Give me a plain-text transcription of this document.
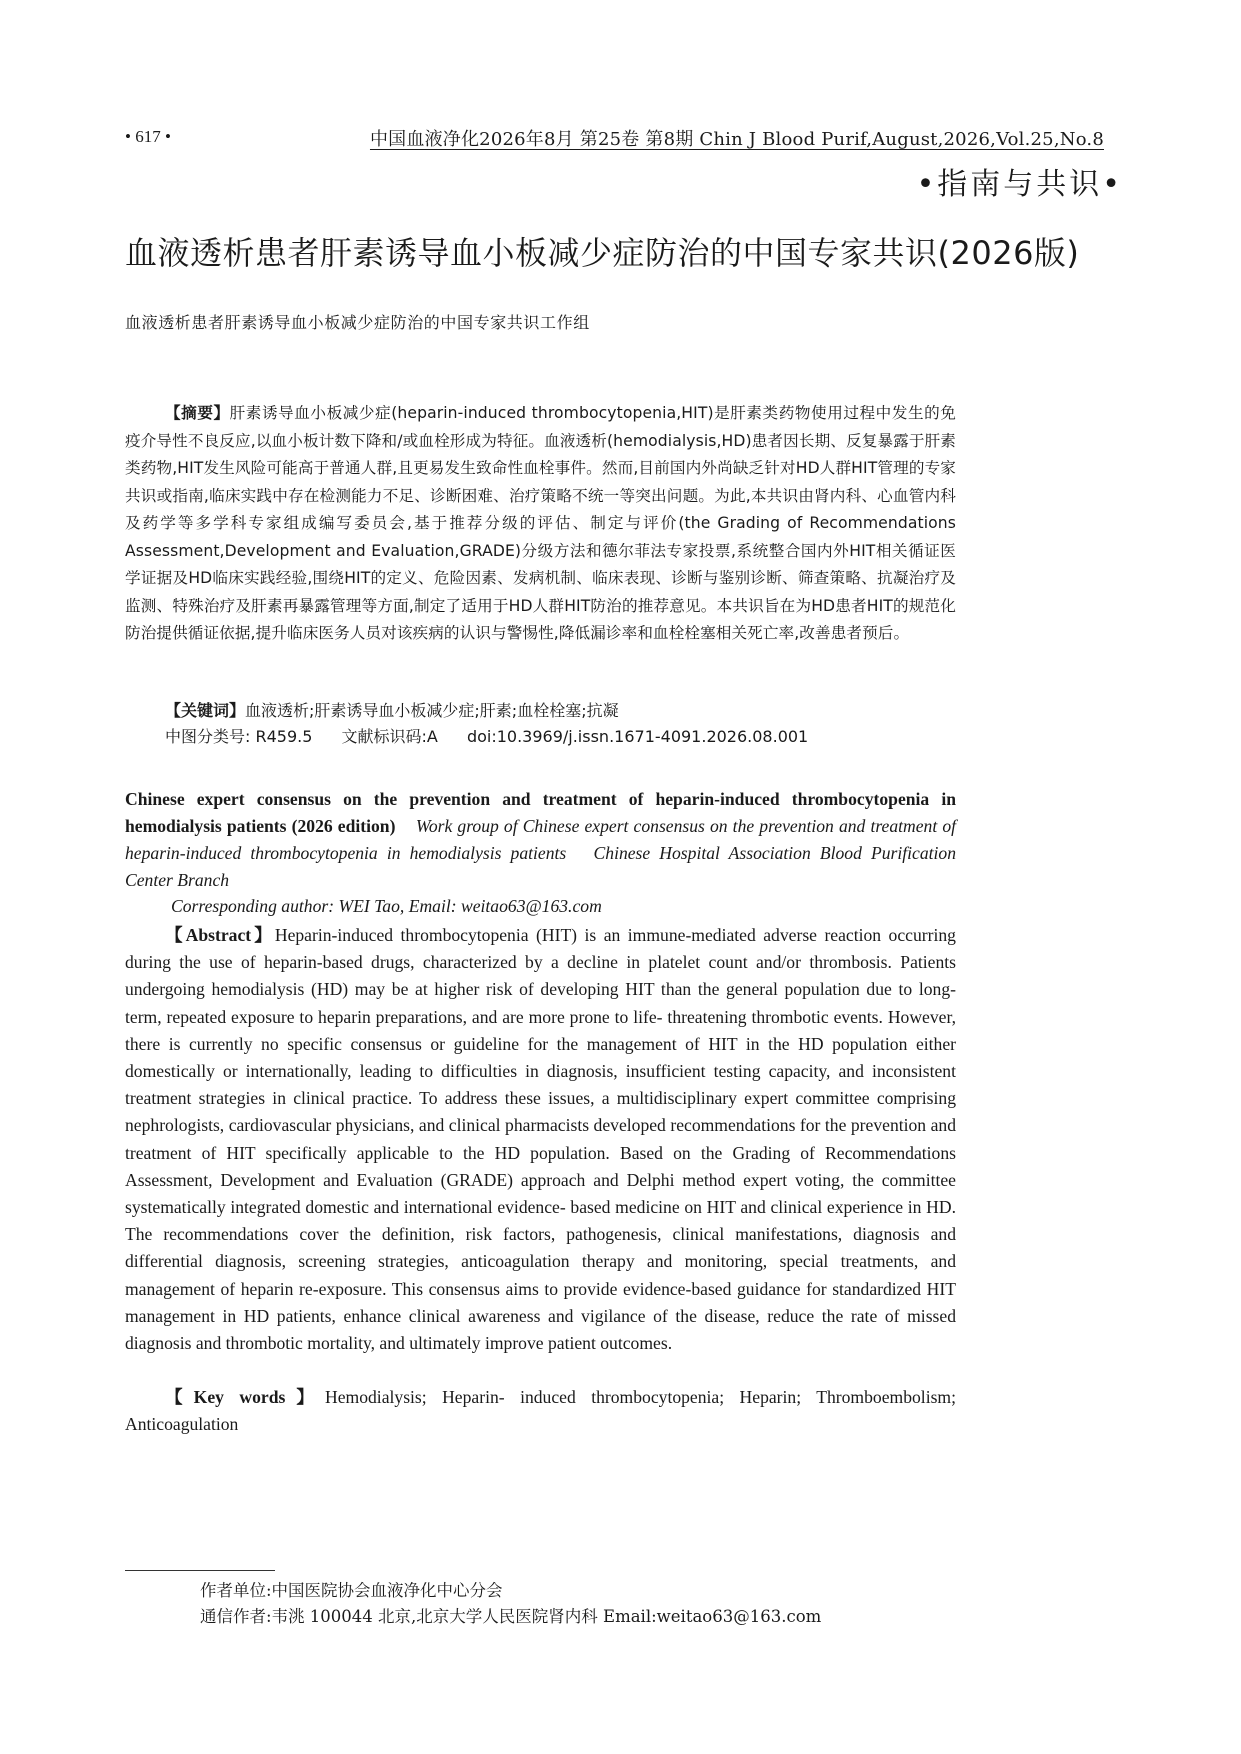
• 617 •	中国血液净化2026年8月 第25卷 第8期 Chin J Blood Purif,August,2026,Vol.25,No.8
•指南与共识•
血液透析患者肝素诱导血小板减少症防治的中国专家共识(2026版)
血液透析患者肝素诱导血小板减少症防治的中国专家共识工作组
【摘要】肝素诱导血小板减少症(heparin-induced thrombocytopenia,HIT)是肝素类药物使用过程中发生的免疫介导性不良反应,以血小板计数下降和/或血栓形成为特征。血液透析(hemodialysis,HD)患者因长期、反复暴露于肝素类药物,HIT发生风险可能高于普通人群,且更易发生致命性血栓事件。然而,目前国内外尚缺乏针对HD人群HIT管理的专家共识或指南,临床实践中存在检测能力不足、诊断困难、治疗策略不统一等突出问题。为此,本共识由肾内科、心血管内科及药学等多学科专家组成编写委员会,基于推荐分级的评估、制定与评价(the Grading of Recommendations Assessment,Development and Evaluation,GRADE)分级方法和德尔菲法专家投票,系统整合国内外HIT相关循证医学证据及HD临床实践经验,围绕HIT的定义、危险因素、发病机制、临床表现、诊断与鉴别诊断、筛查策略、抗凝治疗及监测、特殊治疗及肝素再暴露管理等方面,制定了适用于HD人群HIT防治的推荐意见。本共识旨在为HD患者HIT的规范化防治提供循证依据,提升临床医务人员对该疾病的认识与警惕性,降低漏诊率和血栓栓塞相关死亡率,改善患者预后。
【关键词】血液透析;肝素诱导血小板减少症;肝素;血栓栓塞;抗凝
中图分类号: R459.5 文献标识码:A doi:10.3969/j.issn.1671-4091.2026.08.001
Chinese expert consensus on the prevention and treatment of heparin-induced thrombocytopenia in hemodialysis patients (2026 edition) Work group of Chinese expert consensus on the prevention and treatment of heparin-induced thrombocytopenia in hemodialysis patients Chinese Hospital Association Blood Purification Center Branch
Corresponding author: WEI Tao, Email: weitao63@163.com
【Abstract】Heparin-induced thrombocytopenia (HIT) is an immune-mediated adverse reaction occurring during the use of heparin-based drugs, characterized by a decline in platelet count and/or thrombosis. Patients undergoing hemodialysis (HD) may be at higher risk of developing HIT than the general population due to long- term, repeated exposure to heparin preparations, and are more prone to life- threatening thrombotic events. However, there is currently no specific consensus or guideline for the management of HIT in the HD population either domestically or internationally, leading to difficulties in diagnosis, insufficient testing capacity, and inconsistent treatment strategies in clinical practice. To address these issues, a multidisciplinary expert committee comprising nephrologists, cardiovascular physicians, and clinical pharmacists developed recommendations for the prevention and treatment of HIT specifically applicable to the HD population. Based on the Grading of Recommendations Assessment, Development and Evaluation (GRADE) approach and Delphi method expert voting, the committee systematically integrated domestic and international evidence- based medicine on HIT and clinical experience in HD. The recommendations cover the definition, risk factors, pathogenesis, clinical manifestations, diagnosis and differential diagnosis, screening strategies, anticoagulation therapy and monitoring, special treatments, and management of heparin re-exposure. This consensus aims to provide evidence-based guidance for standardized HIT management in HD patients, enhance clinical awareness and vigilance of the disease, reduce the rate of missed diagnosis and thrombotic mortality, and ultimately improve patient outcomes.
【Key words】Hemodialysis; Heparin- induced thrombocytopenia; Heparin; Thromboembolism; Anticoagulation
作者单位:中国医院协会血液净化中心分会
通信作者:韦洮 100044 北京,北京大学人民医院肾内科 Email:weitao63@163.com
